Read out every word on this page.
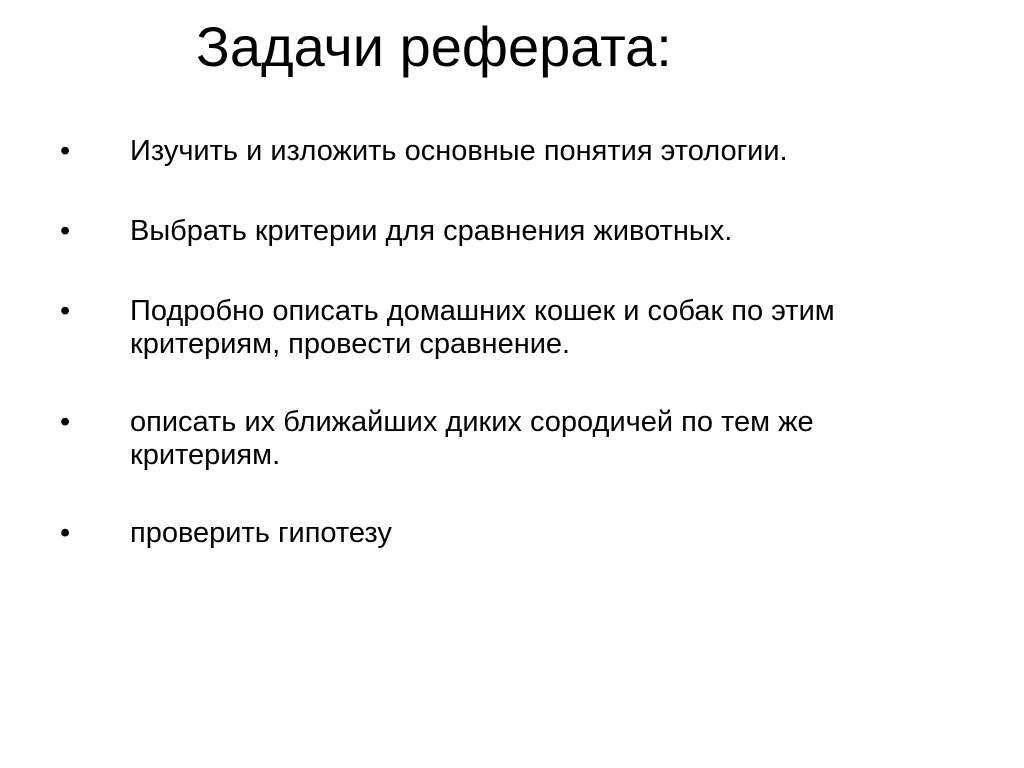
Задачи реферата:
•	Изучить и изложить основные понятия этологии.
•	Выбрать критерии для сравнения животных.
•	Подробно описать домашних кошек и собак по этим
критериям, провести сравнение.
•	описать их ближайших диких сородичей по тем же
критериям.
•	проверить гипотезу
